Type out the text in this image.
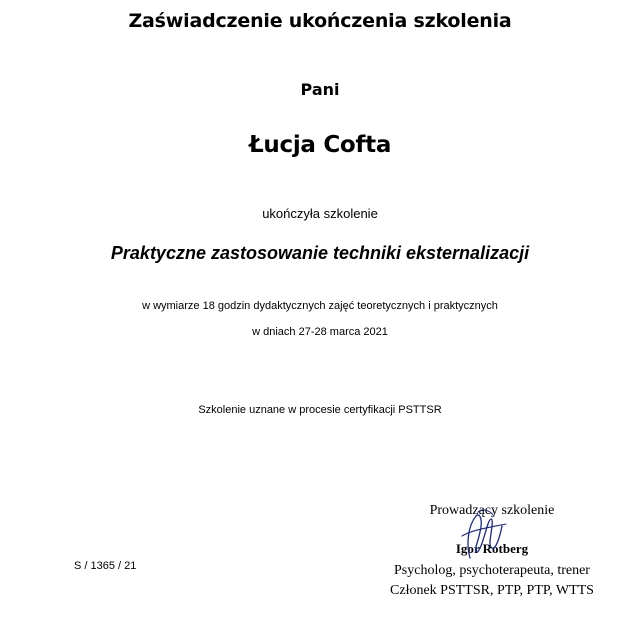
Zaświadczenie ukończenia szkolenia
Pani
Łucja Cofta
ukończyła szkolenie
Praktyczne zastosowanie techniki eksternalizacji
w wymiarze 18 godzin dydaktycznych zajęć teoretycznych i praktycznych
w dniach 27-28 marca 2021
Szkolenie uznane w procesie certyfikacji PSTTSR
S / 1365 / 21
Prowadzący szkolenie
Igor Rotberg
Psycholog, psychoterapeuta, trener
Członek PSTTSR, PTP, PTP, WTTS
